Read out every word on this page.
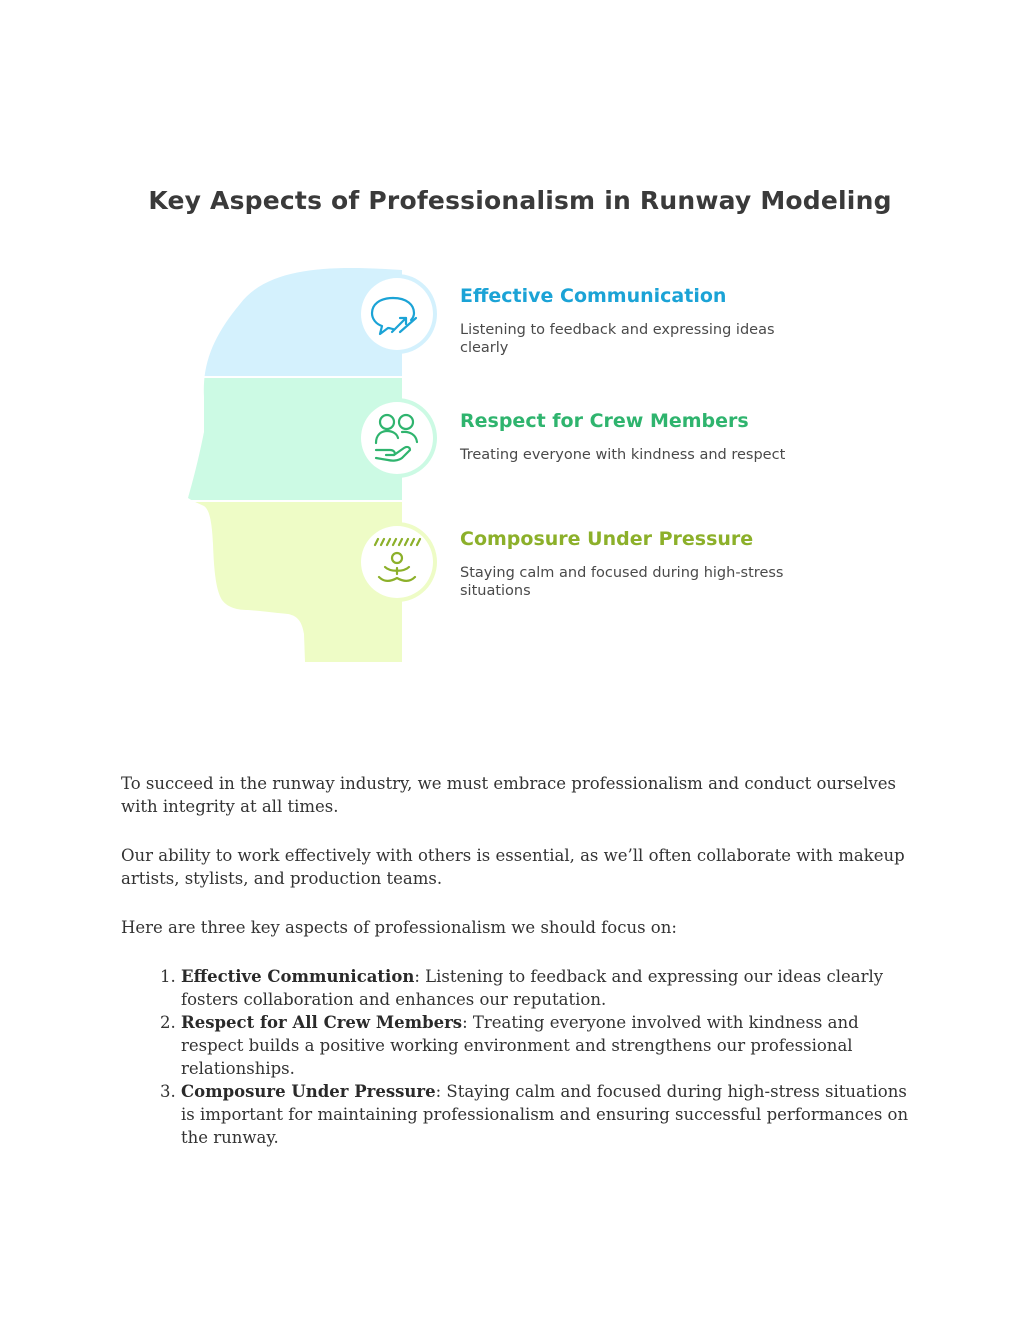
Key Aspects of Professionalism in Runway Modeling
Effective Communication

Listening to feedback and expressing ideas clearly

Respect for Crew Members

Treating everyone with kindness and respect

Composure Under Pressure

Staying calm and focused during high-stress situations

To succeed in the runway industry, we must embrace professionalism and conduct ourselves with integrity at all times.

Our ability to work effectively with others is essential, as we’ll often collaborate with makeup artists, stylists, and production teams.

Here are three key aspects of professionalism we should focus on:

1. Effective Communication: Listening to feedback and expressing our ideas clearly fosters collaboration and enhances our reputation.
2. Respect for All Crew Members: Treating everyone involved with kindness and respect builds a positive working environment and strengthens our professional relationships.
3. Composure Under Pressure: Staying calm and focused during high-stress situations is important for maintaining professionalism and ensuring successful performances on the runway.
